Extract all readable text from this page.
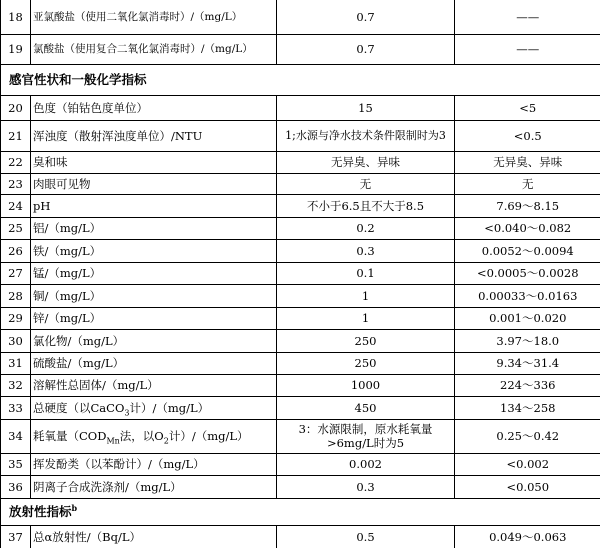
18	亚氯酸盐（使用二氧化氯消毒时）/（mg/L）	0.7	——
19	氯酸盐（使用复合二氧化氯消毒时）/（mg/L）	0.7	——
感官性状和一般化学指标			
20	色度（铂钴色度单位）	15	<5
21	浑浊度（散射浑浊度单位）/NTU	1;水源与净水技术条件限制时为3	<0.5
22	臭和味	无异臭、异味	无异臭、异味
23	肉眼可见物	无	无
24	pH	不小于6.5且不大于8.5	7.69～8.15
25	铝/（mg/L）	0.2	<0.040～0.082
26	铁/（mg/L）	0.3	0.0052～0.0094
27	锰/（mg/L）	0.1	<0.0005～0.0028
28	铜/（mg/L）	1	0.00033～0.0163
29	锌/（mg/L）	1	0.001～0.020
30	氯化物/（mg/L）	250	3.97～18.0
31	硫酸盐/（mg/L）	250	9.34～31.4
32	溶解性总固体/（mg/L）	1000	224～336
33	总硬度（以CaCO$_3$计）/（mg/L）	450	134～258
34	耗氧量（$COD_{Mn}$法，以$O_2$计）/（mg/L）	3：水源限制，原水耗氧量>6mg/L时为5	0.25～0.42
35	挥发酚类（以苯酚计）/（mg/L）	0.002	<0.002
36	阴离子合成洗涤剂/（mg/L）	0.3	<0.050
放射性指标$^b$
37	总α放射性/（Bq/L）	0.5	0.049～0.063
